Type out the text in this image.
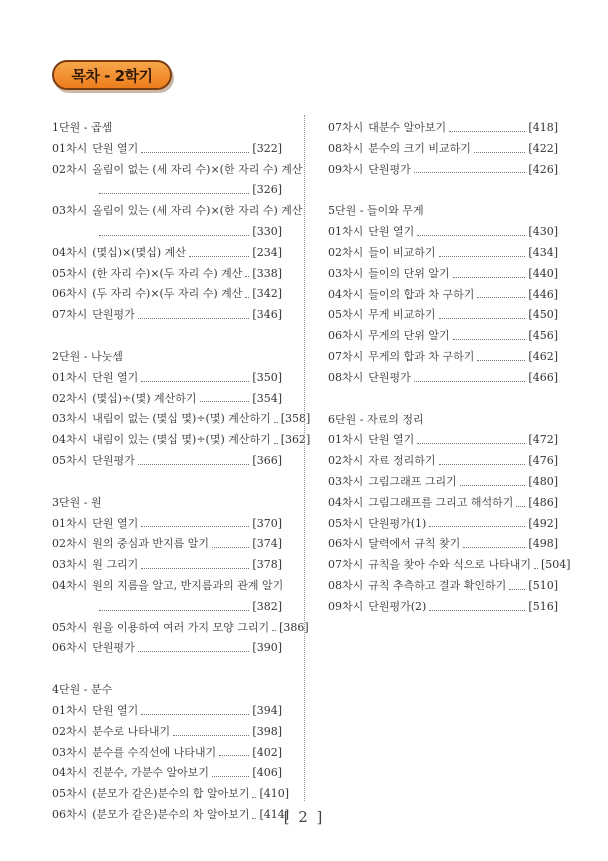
목차 - 2학기
1단원 - 곱셈
01차시 단원 열기	[322]
02차시 올림이 없는 (세 자리 수)×(한 자리 수) 계산
[326]
03차시 올림이 있는 (세 자리 수)×(한 자리 수) 계산
[330]
04차시 (몇십)×(몇십) 계산	[234]
05차시 (한 자리 수)×(두 자리 수) 계산 [338]
06차시 (두 자리 수)×(두 자리 수) 계산 [342]
07차시 단원평가	[346]
2단원 - 나눗셈
01차시 단원 열기	[350]
02차시 (몇십)÷(몇) 계산하기	[354]
03차시 내림이 없는 (몇십 몇)÷(몇) 계산하기 [358]
04차시 내림이 있는 (몇십 몇)÷(몇) 계산하기 [362]
05차시 단원평가	[366]
3단원 - 원
01차시 단원 열기	[370]
02차시 원의 중심과 반지름 알기	[374]
03차시 원 그리기	[378]
04차시 원의 지름을 알고, 반지름과의 관계 알기
[382]
05차시 원을 이용하여 여러 가지 모양 그리기 [386]
06차시 단원평가	[390]
4단원 - 분수
01차시 단원 열기	[394]
02차시 분수로 나타내기	[398]
03차시 분수를 수직선에 나타내기	[402]
04차시 진분수, 가분수 알아보기	[406]
05차시 (분모가 같은)분수의 합 알아보기 [410]
06차시 (분모가 같은)분수의 차 알아보기 [414]
07차시 대분수 알아보기	[418]
08차시 분수의 크기 비교하기	[422]
09차시 단원평가	[426]
5단원 - 들이와 무게
01차시 단원 열기	[430]
02차시 들이 비교하기	[434]
03차시 들이의 단위 알기	[440]
04차시 들이의 합과 차 구하기	[446]
05차시 무게 비교하기	[450]
06차시 무게의 단위 알기	[456]
07차시 무게의 합과 차 구하기	[462]
08차시 단원평가	[466]
6단원 - 자료의 정리
01차시 단원 열기	[472]
02차시 자료 정리하기	[476]
03차시 그림그래프 그리기	[480]
04차시 그림그래프를 그리고 해석하기 [486]
05차시 단원평가(1)	[492]
06차시 달력에서 규칙 찾기	[498]
07차시 규칙을 찾아 수와 식으로 나타내기 [504]
08차시 규칙 추측하고 결과 확인하기 [510]
09차시 단원평가(2)	[516]
[ 2 ]
